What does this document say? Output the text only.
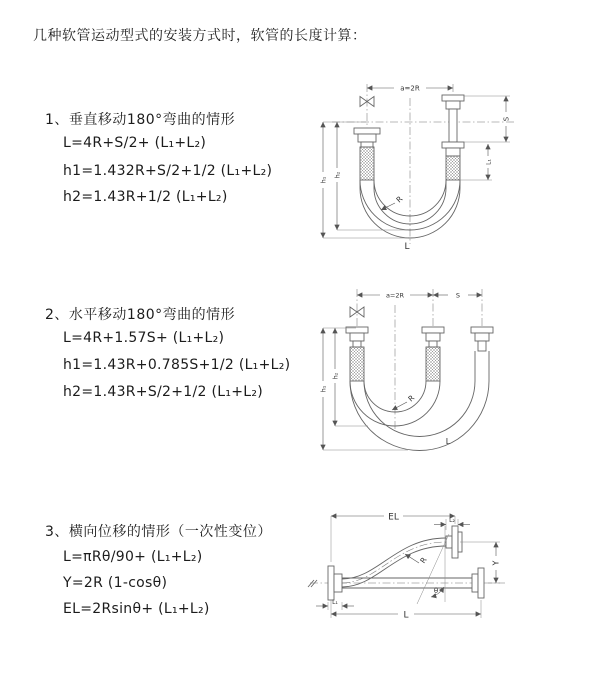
几种软管运动型式的安装方式时，软管的长度计算：
1、垂直移动180°弯曲的情形
L=4R+S/2+ (L₁+L₂)
h1=1.432R+S/2+1/2 (L₁+L₂)
h2=1.43R+1/2 (L₁+L₂)
2、水平移动180°弯曲的情形
L=4R+1.57S+ (L₁+L₂)
h1=1.43R+0.785S+1/2 (L₁+L₂)
h2=1.43R+S/2+1/2 (L₁+L₂)
3、横向位移的情形（一次性变位）
L=πRθ/90+ (L₁+L₂)
Y=2R (1-cosθ)
EL=2Rsinθ+ (L₁+L₂)
a=2R
h₁
h₂
S
L₁
R
L
a=2R	S
h₁
h₂
R
L
EL	L₂
Y
θ
R
L₁
L
